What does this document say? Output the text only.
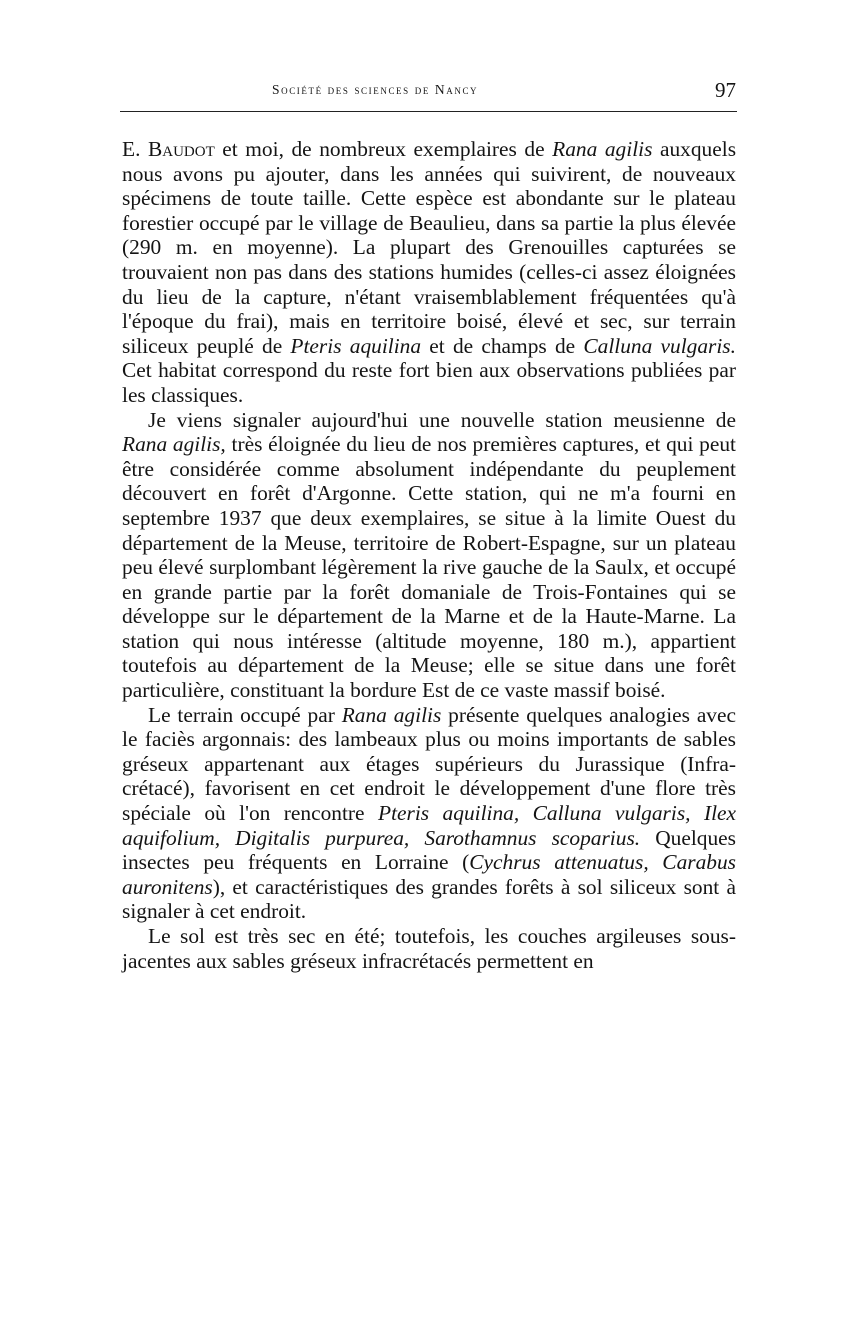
Société des sciences de Nancy	97

E. Baudot et moi, de nombreux exemplaires de Rana agilis auxquels nous avons pu ajouter, dans les années qui suivirent, de nouveaux spécimens de toute taille. Cette espèce est abondante sur le plateau forestier occupé par le village de Beaulieu, dans sa partie la plus élevée (290 m. en moyenne). La plupart des Grenouilles capturées se trouvaient non pas dans des stations humides (celles-ci assez éloignées du lieu de la capture, n'étant vraisemblablement fréquentées qu'à l'époque du frai), mais en territoire boisé, élevé et sec, sur terrain siliceux peuplé de Pteris aquilina et de champs de Calluna vulgaris. Cet habitat correspond du reste fort bien aux observations publiées par les classiques.

Je viens signaler aujourd'hui une nouvelle station meusienne de Rana agilis, très éloignée du lieu de nos premières captures, et qui peut être considérée comme absolument indépendante du peuplement découvert en forêt d'Argonne. Cette station, qui ne m'a fourni en septembre 1937 que deux exemplaires, se situe à la limite Ouest du département de la Meuse, territoire de Robert-Espagne, sur un plateau peu élevé surplombant légèrement la rive gauche de la Saulx, et occupé en grande partie par la forêt domaniale de Trois-Fontaines qui se développe sur le département de la Marne et de la Haute-Marne. La station qui nous intéresse (altitude moyenne, 180 m.), appartient toutefois au département de la Meuse; elle se situe dans une forêt particulière, constituant la bordure Est de ce vaste massif boisé.

Le terrain occupé par Rana agilis présente quelques analogies avec le faciès argonnais: des lambeaux plus ou moins importants de sables gréseux appartenant aux étages supérieurs du Jurassique (Infra-crétacé), favorisent en cet endroit le développement d'une flore très spéciale où l'on rencontre Pteris aquilina, Calluna vulgaris, Ilex aquifolium, Digitalis purpurea, Sarothamnus scoparius. Quelques insectes peu fréquents en Lorraine (Cychrus attenuatus, Carabus auronitens), et caractéristiques des grandes forêts à sol siliceux sont à signaler à cet endroit.

Le sol est très sec en été; toutefois, les couches argileuses sous-jacentes aux sables gréseux infracrétacés permettent en
